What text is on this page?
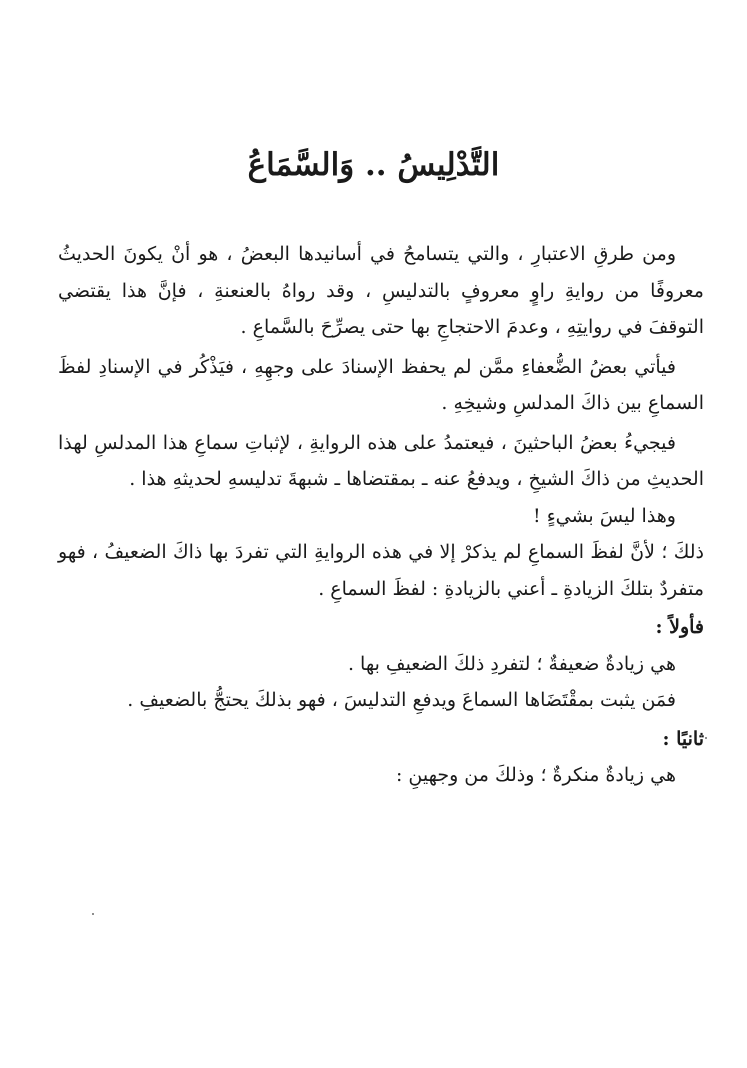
التَّدْلِيسُ .. وَالسَّمَاعُ

ومن طرقِ الاعتبارِ ، والتي يتسامحُ في أسانيدها البعضُ ، هو أنْ يكونَ الحديثُ معروفًا من روايةِ راوٍ معروفٍ بالتدليسِ ، وقد رواهُ بالعنعنةِ ، فإنَّ هذا يقتضي التوقفَ في روايتِهِ ، وعدمَ الاحتجاجِ بها حتى يصرِّحَ بالسَّماعِ .

فيأتي بعضُ الضُّعفاءِ ممَّن لم يحفظ الإسنادَ على وجهِهِ ، فيَذْكُر في الإسنادِ لفظَ السماعِ بين ذاكَ المدلسِ وشيخِهِ .

فيجيءُ بعضُ الباحثينَ ، فيعتمدُ على هذه الروايةِ ، لإثباتِ سماعِ هذا المدلسِ لهذا الحديثِ من ذاكَ الشيخِ ، ويدفعُ عنه ـ بمقتضاها ـ شبهةَ تدليسهِ لحديثهِ هذا .

وهذا ليسَ بشيءٍ !

ذلكَ ؛ لأنَّ لفظَ السماعِ لم يذكرْ إلا في هذه الروايةِ التي تفردَ بها ذاكَ الضعيفُ ، فهو متفردٌ بتلكَ الزيادةِ ـ أعني بالزيادةِ : لفظَ السماعِ .

فأولاً :

هي زيادةٌ ضعيفةٌ ؛ لتفردِ ذلكَ الضعيفِ بها .

فمَن يثبت بمقْتَضَاها السماعَ ويدفعِ التدليسَ ، فهو بذلكَ يحتجُّ بالضعيفِ .

ثانيًا :

هي زيادةٌ منكرةٌ ؛ وذلكَ من وجهينِ :
